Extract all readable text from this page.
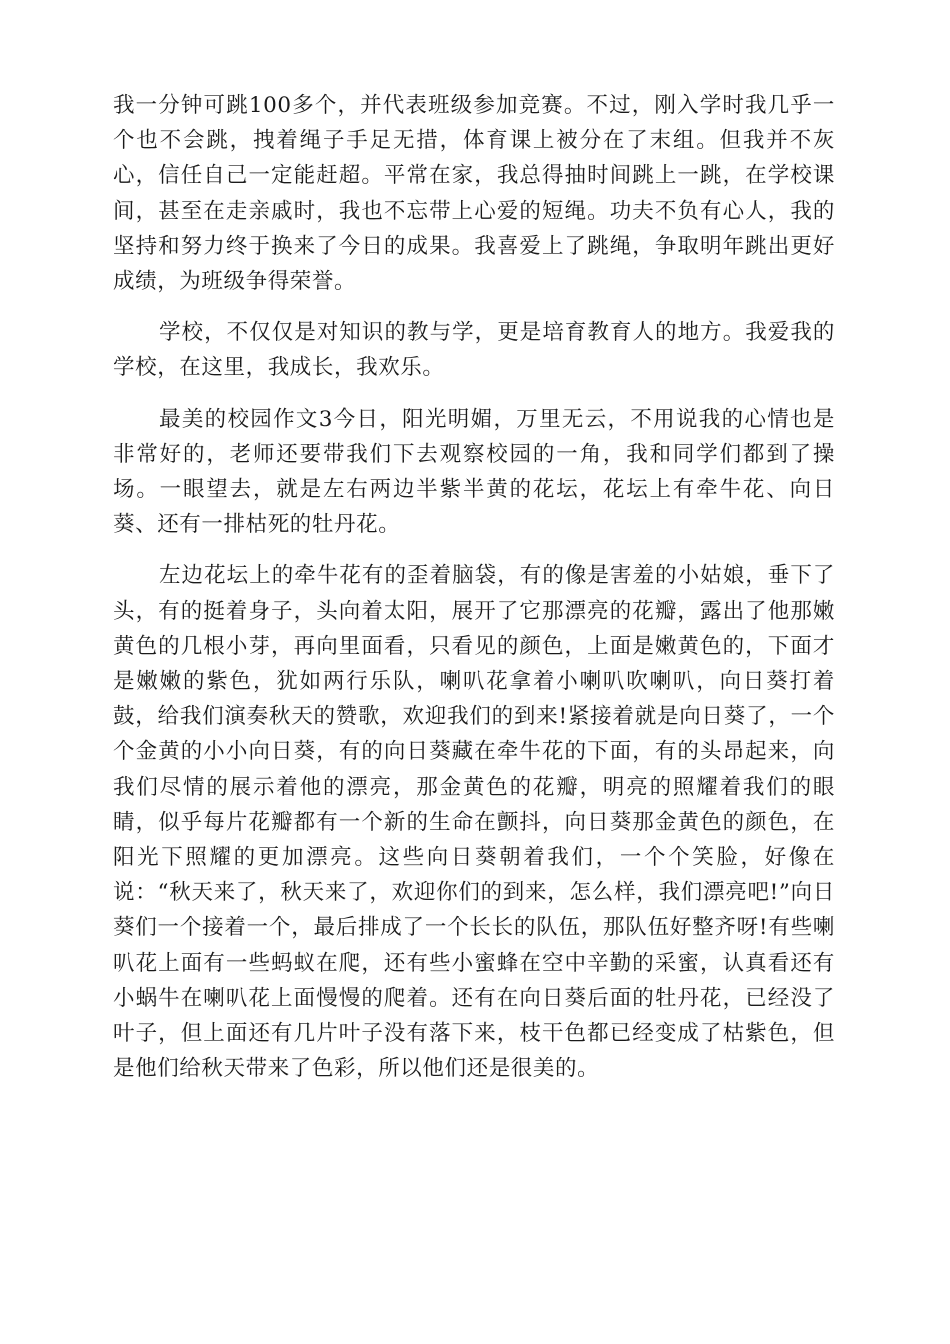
我一分钟可跳100多个，并代表班级参加竞赛。不过，刚入学时我几乎一个也不会跳，拽着绳子手足无措，体育课上被分在了末组。但我并不灰心，信任自己一定能赶超。平常在家，我总得抽时间跳上一跳，在学校课间，甚至在走亲戚时，我也不忘带上心爱的短绳。功夫不负有心人，我的坚持和努力终于换来了今日的成果。我喜爱上了跳绳，争取明年跳出更好成绩，为班级争得荣誉。

学校，不仅仅是对知识的教与学，更是培育教育人的地方。我爱我的学校，在这里，我成长，我欢乐。

最美的校园作文3今日，阳光明媚，万里无云，不用说我的心情也是非常好的，老师还要带我们下去观察校园的一角，我和同学们都到了操场。一眼望去，就是左右两边半紫半黄的花坛，花坛上有牵牛花、向日葵、还有一排枯死的牡丹花。

左边花坛上的牵牛花有的歪着脑袋，有的像是害羞的小姑娘，垂下了头，有的挺着身子，头向着太阳，展开了它那漂亮的花瓣，露出了他那嫩黄色的几根小芽，再向里面看，只看见的颜色，上面是嫩黄色的，下面才是嫩嫩的紫色，犹如两行乐队，喇叭花拿着小喇叭吹喇叭，向日葵打着鼓，给我们演奏秋天的赞歌，欢迎我们的到来!紧接着就是向日葵了，一个个金黄的小小向日葵，有的向日葵藏在牵牛花的下面，有的头昂起来，向我们尽情的展示着他的漂亮，那金黄色的花瓣，明亮的照耀着我们的眼睛，似乎每片花瓣都有一个新的生命在颤抖，向日葵那金黄色的颜色，在阳光下照耀的更加漂亮。这些向日葵朝着我们，一个个笑脸，好像在说：“秋天来了，秋天来了，欢迎你们的到来，怎么样，我们漂亮吧!”向日葵们一个接着一个，最后排成了一个长长的队伍，那队伍好整齐呀!有些喇叭花上面有一些蚂蚁在爬，还有些小蜜蜂在空中辛勤的采蜜，认真看还有小蜗牛在喇叭花上面慢慢的爬着。还有在向日葵后面的牡丹花，已经没了叶子，但上面还有几片叶子没有落下来，枝干色都已经变成了枯紫色，但是他们给秋天带来了色彩，所以他们还是很美的。
